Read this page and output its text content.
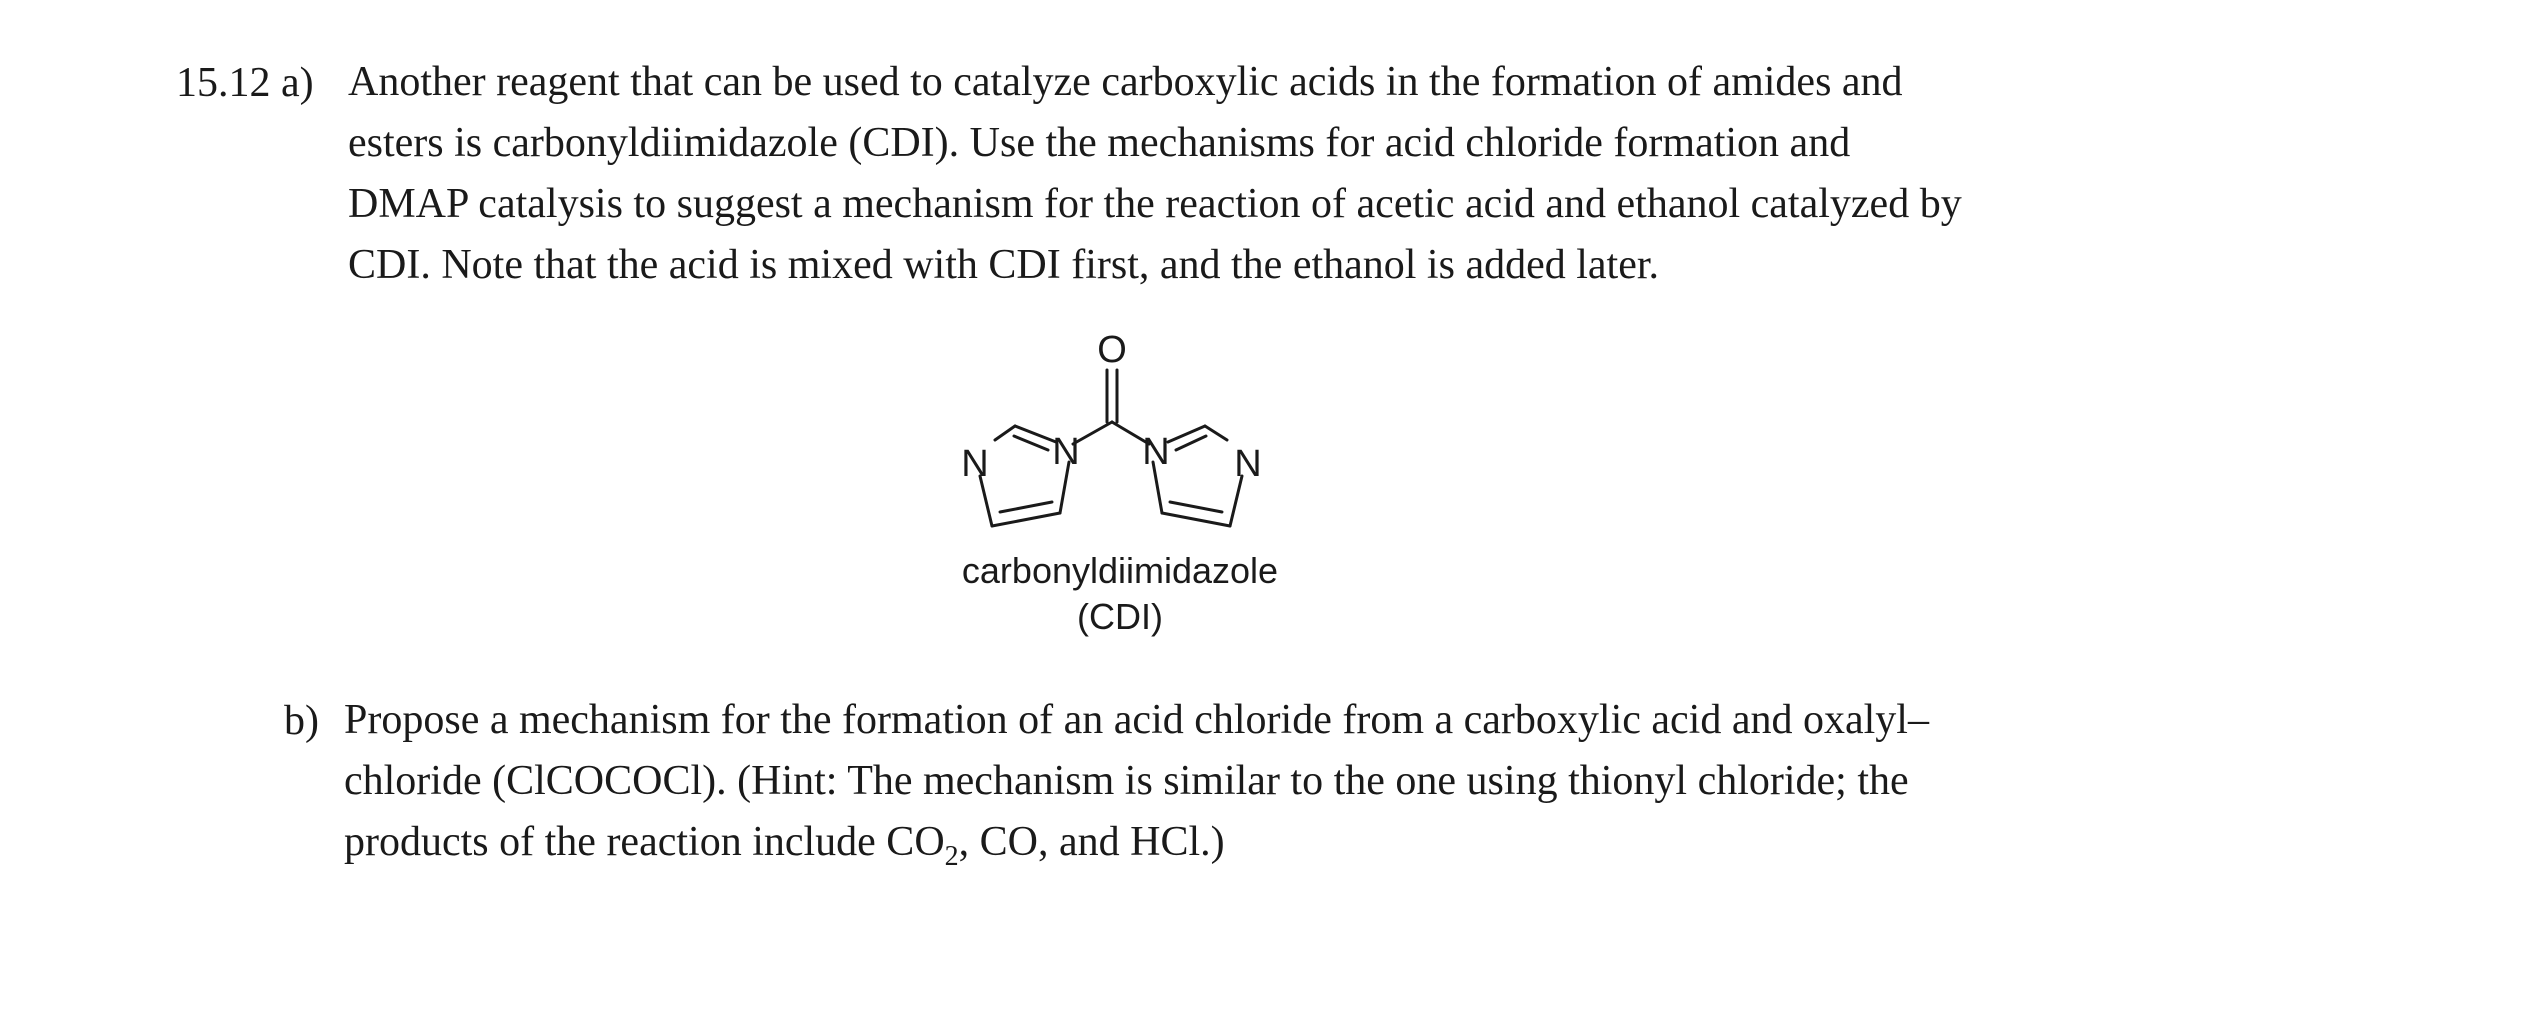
15.12 a) Another reagent that can be used to catalyze carboxylic acids in the formation of amides and
esters is carbonyldiimidazole (CDI). Use the mechanisms for acid chloride formation and
DMAP catalysis to suggest a mechanism for the reaction of acetic acid and ethanol catalyzed by
CDI. Note that the acid is mixed with CDI first, and the ethanol is added later.
O
N
N	N N
carbonyldiimidazole
(CDI)
b) Propose a mechanism for the formation of an acid chloride from a carboxylic acid and oxalyl–
chloride (ClCOCOCl). (Hint: The mechanism is similar to the one using thionyl chloride; the
products of the reaction include $CO_2$, CO, and HCl.)
